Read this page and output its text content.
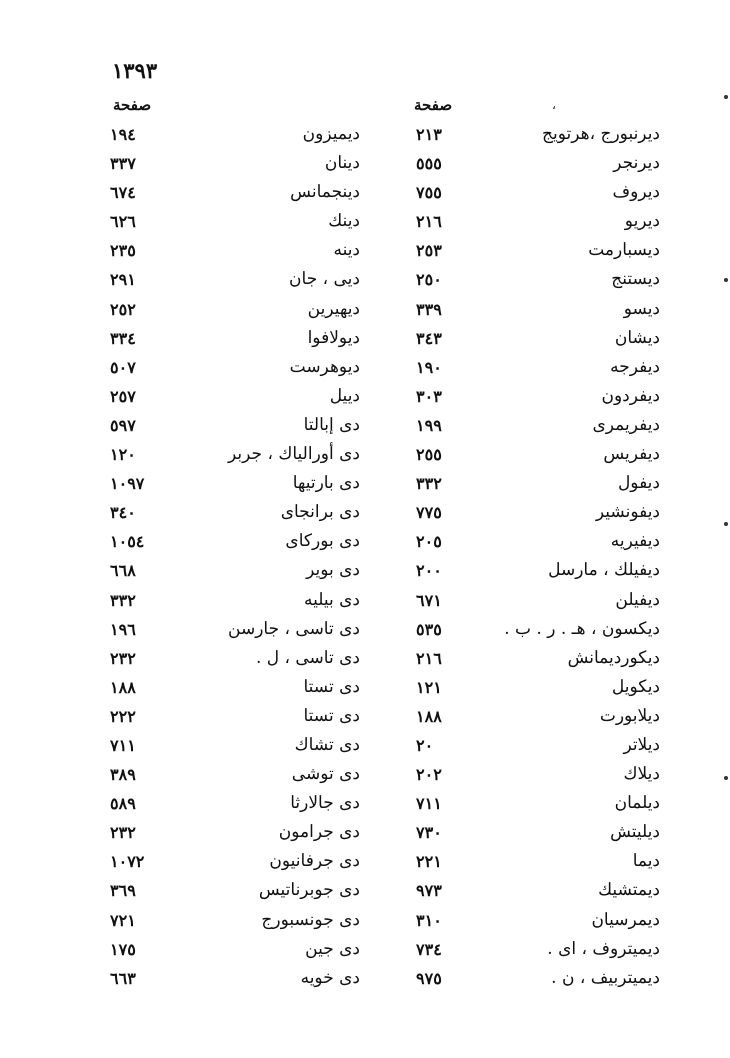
١٣٩٣
صفحة
صفحة	،
ديرنبورج ،هرتويج
٢١٣
ديرنجر
٥٥٥
ديروف
٧٥٥
ديريو
٢١٦
ديسبارمت
٢٥٣
ديستنج
٢٥٠
ديسو
٣٣٩
ديشان
٣٤٣
ديفرجه
١٩٠
ديفردون
٣٠٣
ديفريمرى
١٩٩
ديفريس
٢٥٥
ديفول
٣٣٢
ديفونشير
٧٧٥
ديفيريه
٢٠٥
ديفيلك ، مارسل
٢٠٠
ديفيلن
٦٧١
ديكسون ، هـ . ر . ب .
٥٣٥
ديكورديمانش
٢١٦
ديكويل
١٢١
ديلابورت
١٨٨
ديلاتر
٢٠
ديلاك
٢٠٢
ديلمان
٧١١
ديليتش
٧٣٠
ديما
٢٢١
ديمتشيك
٩٧٣
ديمرسيان
٣١٠
ديميتروف ، اى .
٧٣٤
ديميتربيف ، ن .
٩٧٥
ديميزون
١٩٤
دينان
٣٣٧
دينجمانس
٦٧٤
دينك
٦٢٦
دينه
٢٣٥
ديى ، جان
٢٩١
ديهيرين
٢٥٢
ديولافوا
٣٣٤
ديوهرست
٥٠٧
دييل
٢٥٧
دى إبالتا
٥٩٧
دى أورالياك ، جربر
١٢٠
دى بارتيها
١٠٩٧
دى برانجاى
٣٤٠
دى بوركاى
١٠٥٤
دى بوير
٦٦٨
دى بيليه
٣٣٢
دى تاسى ، جارسن
١٩٦
دى تاسى ، ل .
٢٣٢
دى تستا
١٨٨
دى تستا
٢٢٢
دى تشاك
٧١١
دى توشى
٣٨٩
دى جالارثا
٥٨٩
دى جرامون
٢٣٢
دى جرفانيون
١٠٧٢
دى جوبرناتيس
٣٦٩
دى جونسبورج
٧٢١
دى جين
١٧٥
دى خويه
٦٦٣
